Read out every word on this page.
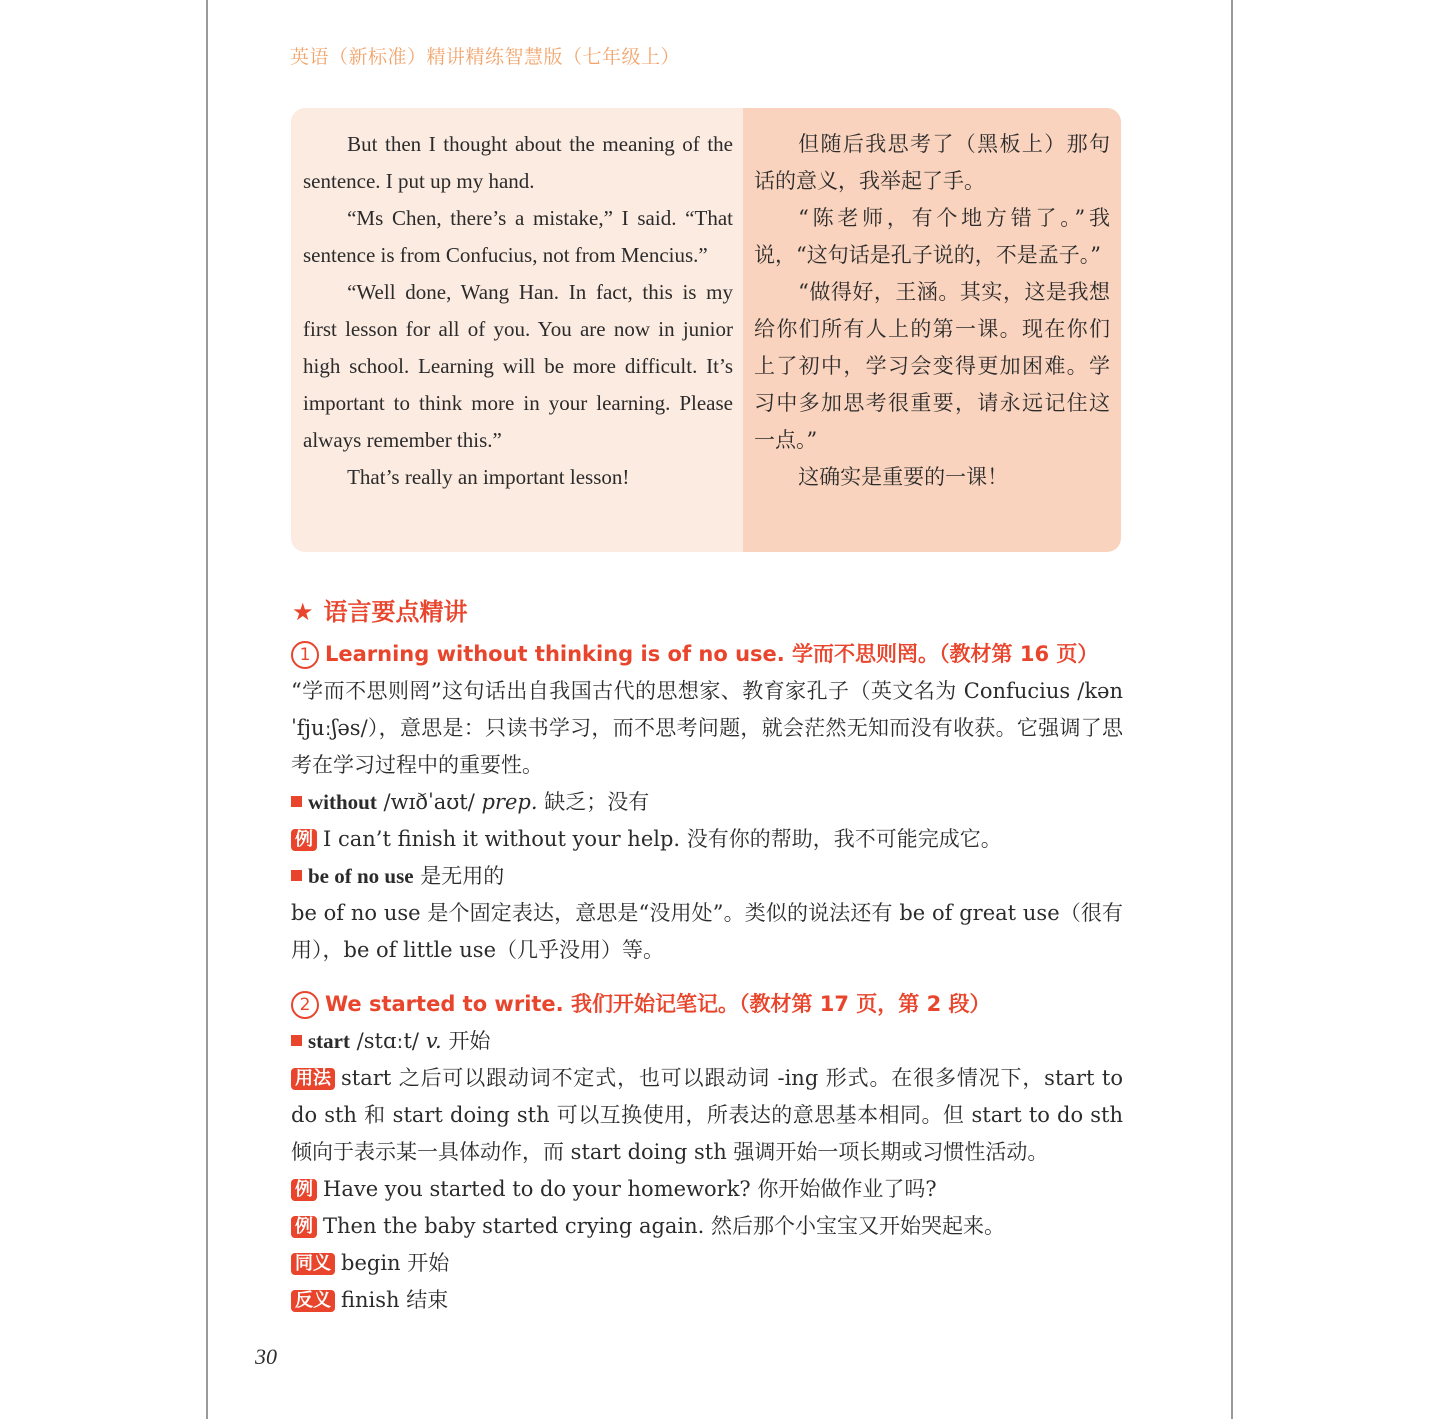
英语（新标准）精讲精练智慧版（七年级上）

But then I thought about the meaning of the sentence. I put up my hand.

“Ms Chen, there’s a mistake,” I said. “That sentence is from Confucius, not from Mencius.”

“Well done, Wang Han. In fact, this is my first lesson for all of you. You are now in junior high school. Learning will be more difficult. It’s important to think more in your learning. Please always remember this.”

That’s really an important lesson!

但随后我思考了（黑板上）那句话的意义，我举起了手。

“陈老师，有个地方错了。”我说，“这句话是孔子说的，不是孟子。”

“做得好，王涵。其实，这是我想给你们所有人上的第一课。现在你们上了初中，学习会变得更加困难。学习中多加思考很重要，请永远记住这一点。”

这确实是重要的一课！

★ 语言要点精讲

1 Learning without thinking is of no use. 学而不思则罔。（教材第 16 页）

“学而不思则罔”这句话出自我国古代的思想家、教育家孔子（英文名为 Confucius /kənˈfjuːʃəs/），意思是：只读书学习，而不思考问题，就会茫然无知而没有收获。它强调了思考在学习过程中的重要性。

without /wɪðˈaʊt/ prep. 缺乏；没有

例 I can’t finish it without your help. 没有你的帮助，我不可能完成它。

be of no use 是无用的

be of no use 是个固定表达，意思是“没用处”。类似的说法还有 be of great use（很有用），be of little use（几乎没用）等。

2 We started to write. 我们开始记笔记。（教材第 17 页，第 2 段）

start /stɑːt/ v. 开始

用法 start 之后可以跟动词不定式，也可以跟动词 -ing 形式。在很多情况下，start to do sth 和 start doing sth 可以互换使用，所表达的意思基本相同。但 start to do sth 倾向于表示某一具体动作，而 start doing sth 强调开始一项长期或习惯性活动。

例 Have you started to do your homework? 你开始做作业了吗?

例 Then the baby started crying again. 然后那个小宝宝又开始哭起来。

同义 begin 开始

反义 finish 结束

30
